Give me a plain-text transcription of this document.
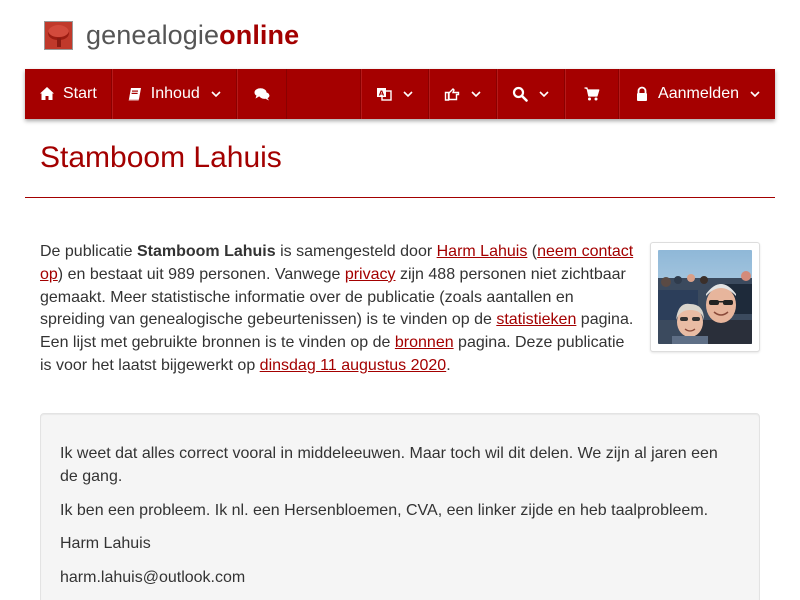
genealogieonline
Start	Inhoud	A	Aanmelden
Stamboom Lahuis

De publicatie Stamboom Lahuis is samengesteld door Harm Lahuis (neem contact op) en bestaat uit 989 personen. Vanwege privacy zijn 488 personen niet zichtbaar gemaakt. Meer statistische informatie over de publicatie (zoals aantallen en spreiding van genealogische gebeurtenissen) is te vinden op de statistieken pagina. Een lijst met gebruikte bronnen is te vinden op de bronnen pagina. Deze publicatie is voor het laatst bijgewerkt op dinsdag 11 augustus 2020.

Ik weet dat alles correct vooral in middeleeuwen. Maar toch wil dit delen. We zijn al jaren een de gang.

Ik ben een probleem. Ik nl. een Hersenbloemen, CVA, een linker zijde en heb taalprobleem.

Harm Lahuis

harm.lahuis@outlook.com
